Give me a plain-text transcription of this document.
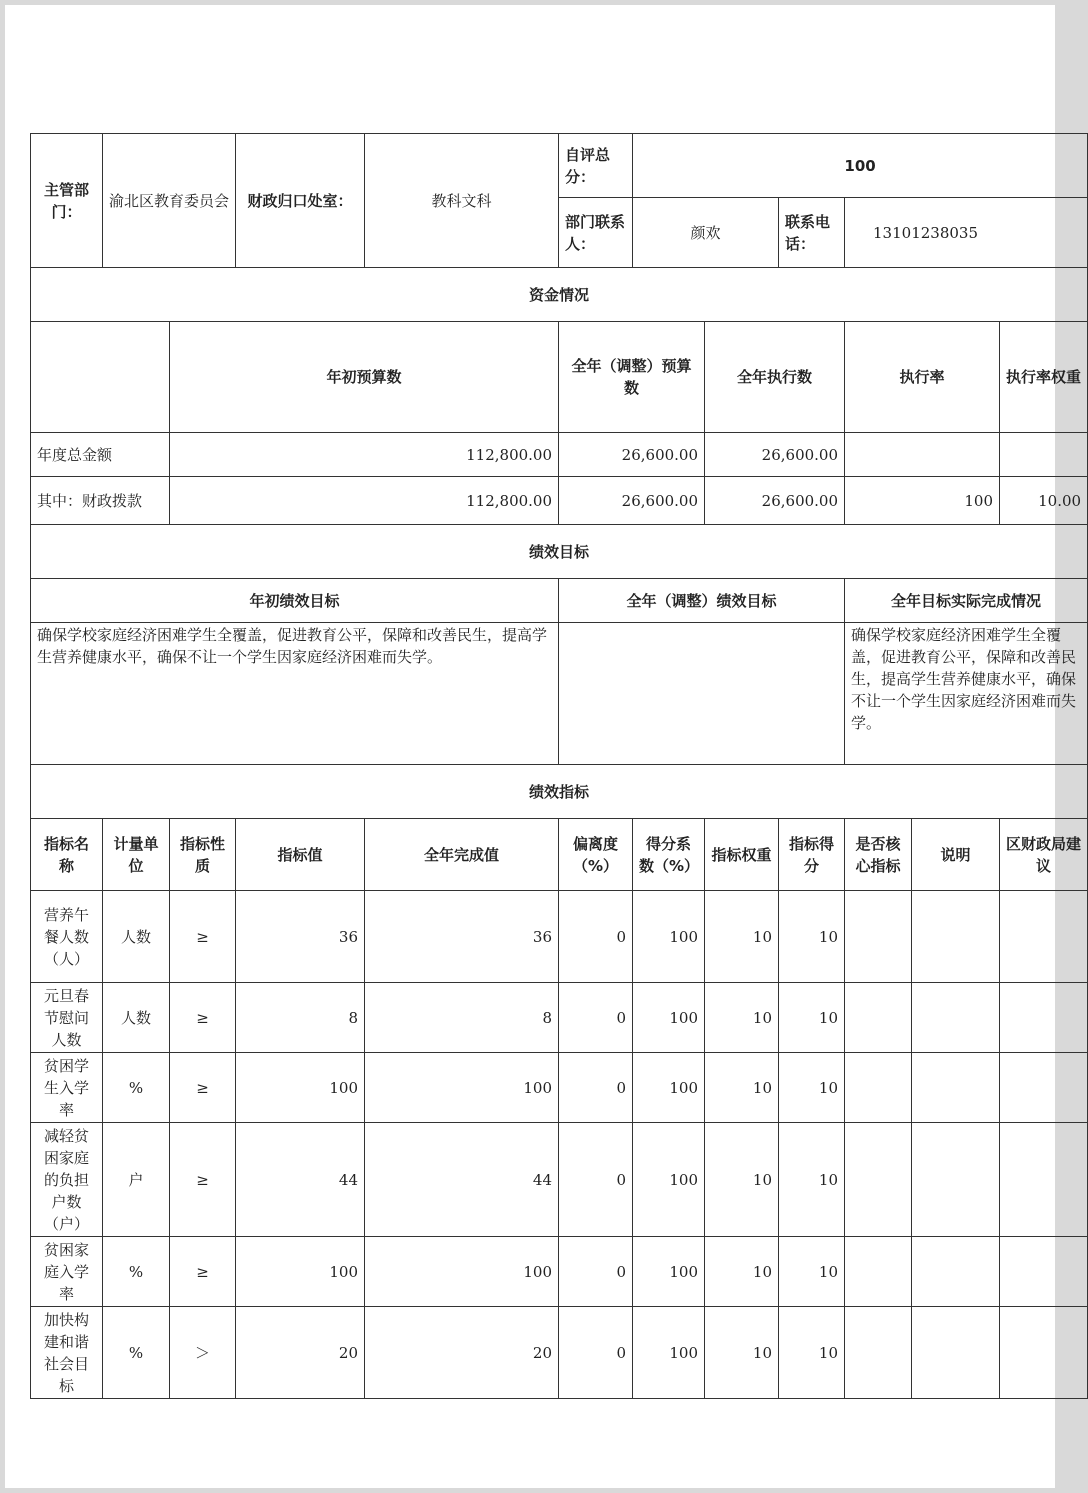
主管部门：	渝北区教育委员会		财政归口处室：	教科文科	自评总分：	100						
					部门联系人：	颜欢		联系电话：	13101238035			
资金情况												
		年初预算数			全年（调整）预算数		全年执行数		执行率		执行率权重	
年度总金额		112,800.00			26,600.00		26,600.00					
其中：财政拨款		112,800.00			26,600.00		26,600.00		100		10.00	
绩效目标												
年初绩效目标					全年（调整）绩效目标				全年目标实际完成情况			
确保学校家庭经济困难学生全覆盖，促进教育公平，保障和改善民生，提高学生营养健康水平，确保不让一个学生因家庭经济困难而失学。									确保学校家庭经济困难学生全覆盖，促进教育公平，保障和改善民生，提高学生营养健康水平，确保不让一个学生因家庭经济困难而失学。			
绩效指标												
指标名称	计量单位	指标性质	指标值	全年完成值	偏离度（%）	得分系数（%）	指标权重	指标得分	是否核心指标	说明	区财政局建议	
营养午餐人数（人）	人数	≥	36	36	0	100	10	10				
元旦春节慰问人数	人数	≥	8	8	0	100	10	10				
贫困学生入学率	%	≥	100	100	0	100	10	10				
减轻贫困家庭的负担户数（户）	户	≥	44	44	0	100	10	10				
贫困家庭入学率	%	≥	100	100	0	100	10	10				
加快构建和谐社会目标	%	＞	20	20	0	100	10	10				
